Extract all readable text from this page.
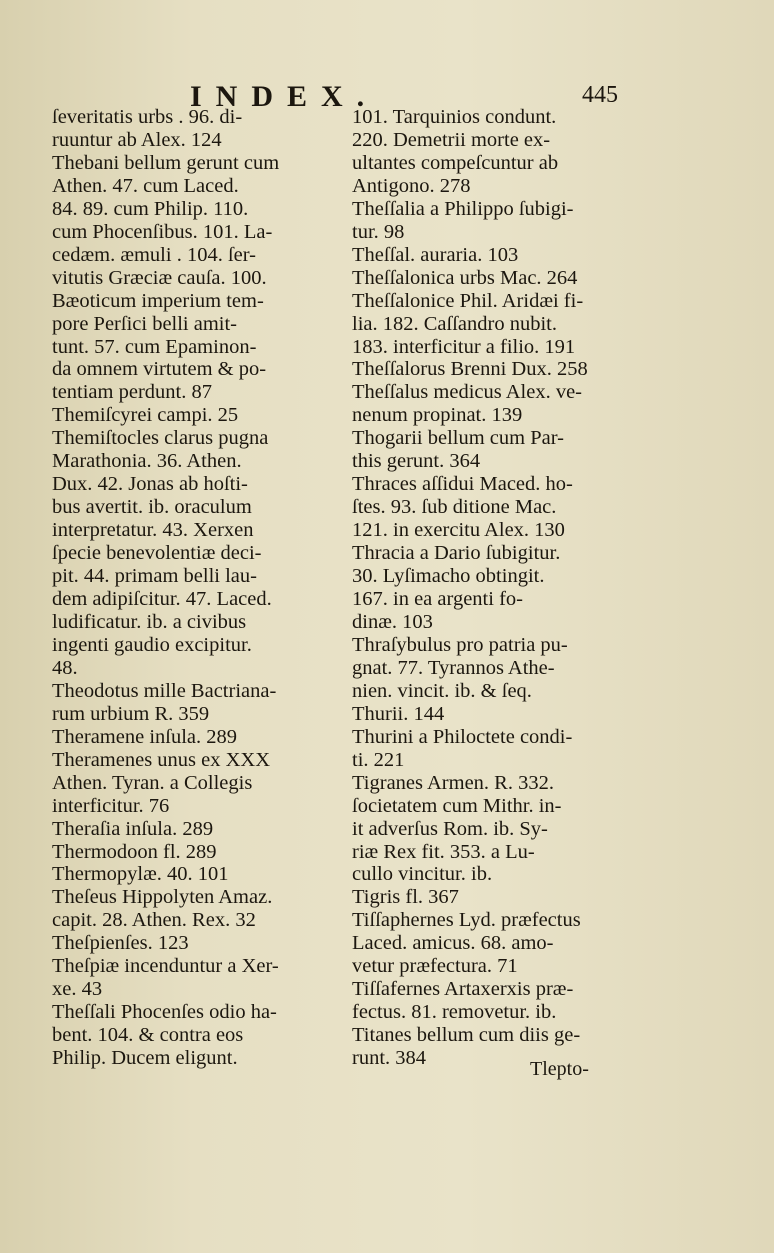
INDEX.	445
ſeveritatis urbs . 96. di-
ruuntur ab Alex. 124
Thebani bellum gerunt cum
Athen. 47. cum Laced.
84. 89. cum Philip. 110.
cum Phocenſibus. 101. La-
cedæm. æmuli . 104. ſer-
vitutis Græciæ cauſa. 100.
Bæoticum imperium tem-
pore Perſici belli amit-
tunt. 57. cum Epaminon-
da omnem virtutem & po-
tentiam perdunt. 87
Themiſcyrei campi. 25
Themiſtocles clarus pugna
Marathonia. 36. Athen.
Dux. 42. Jonas ab hoſti-
bus avertit. ib. oraculum
interpretatur. 43. Xerxen
ſpecie benevolentiæ deci-
pit. 44. primam belli lau-
dem adipiſcitur. 47. Laced.
ludificatur. ib. a civibus
ingenti gaudio excipitur.
48.
Theodotus mille Bactriana-
rum urbium R. 359
Theramene inſula. 289
Theramenes unus ex XXX
Athen. Tyran. a Collegis
interficitur. 76
Theraſia inſula. 289
Thermodoon fl. 289
Thermopylæ. 40. 101
Theſeus Hippolyten Amaz.
capit. 28. Athen. Rex. 32
Theſpienſes. 123
Theſpiæ incenduntur a Xer-
xe. 43
Theſſali Phocenſes odio ha-
bent. 104. & contra eos
Philip. Ducem eligunt.
101. Tarquinios condunt.
220. Demetrii morte ex-
ultantes compeſcuntur ab
Antigono. 278
Theſſalia a Philippo ſubigi-
tur. 98
Theſſal. auraria. 103
Theſſalonica urbs Mac. 264
Theſſalonice Phil. Aridæi fi-
lia. 182. Caſſandro nubit.
183. interficitur a filio. 191
Theſſalorus Brenni Dux. 258
Theſſalus medicus Alex. ve-
nenum propinat. 139
Thogarii bellum cum Par-
this gerunt. 364
Thraces aſſidui Maced. ho-
ſtes. 93. ſub ditione Mac.
121. in exercitu Alex. 130
Thracia a Dario ſubigitur.
30. Lyſimacho obtingit.
167. in ea argenti fo-
dinæ. 103
Thraſybulus pro patria pu-
gnat. 77. Tyrannos Athe-
nien. vincit. ib. & ſeq.
Thurii. 144
Thurini a Philoctete condi-
ti. 221
Tigranes Armen. R. 332.
ſocietatem cum Mithr. in-
it adverſus Rom. ib. Sy-
riæ Rex fit. 353. a Lu-
cullo vincitur. ib.
Tigris fl. 367
Tiſſaphernes Lyd. præfectus
Laced. amicus. 68. amo-
vetur præfectura. 71
Tiſſafernes Artaxerxis præ-
fectus. 81. removetur. ib.
Titanes bellum cum diis ge-
runt. 384	Tlepto-
